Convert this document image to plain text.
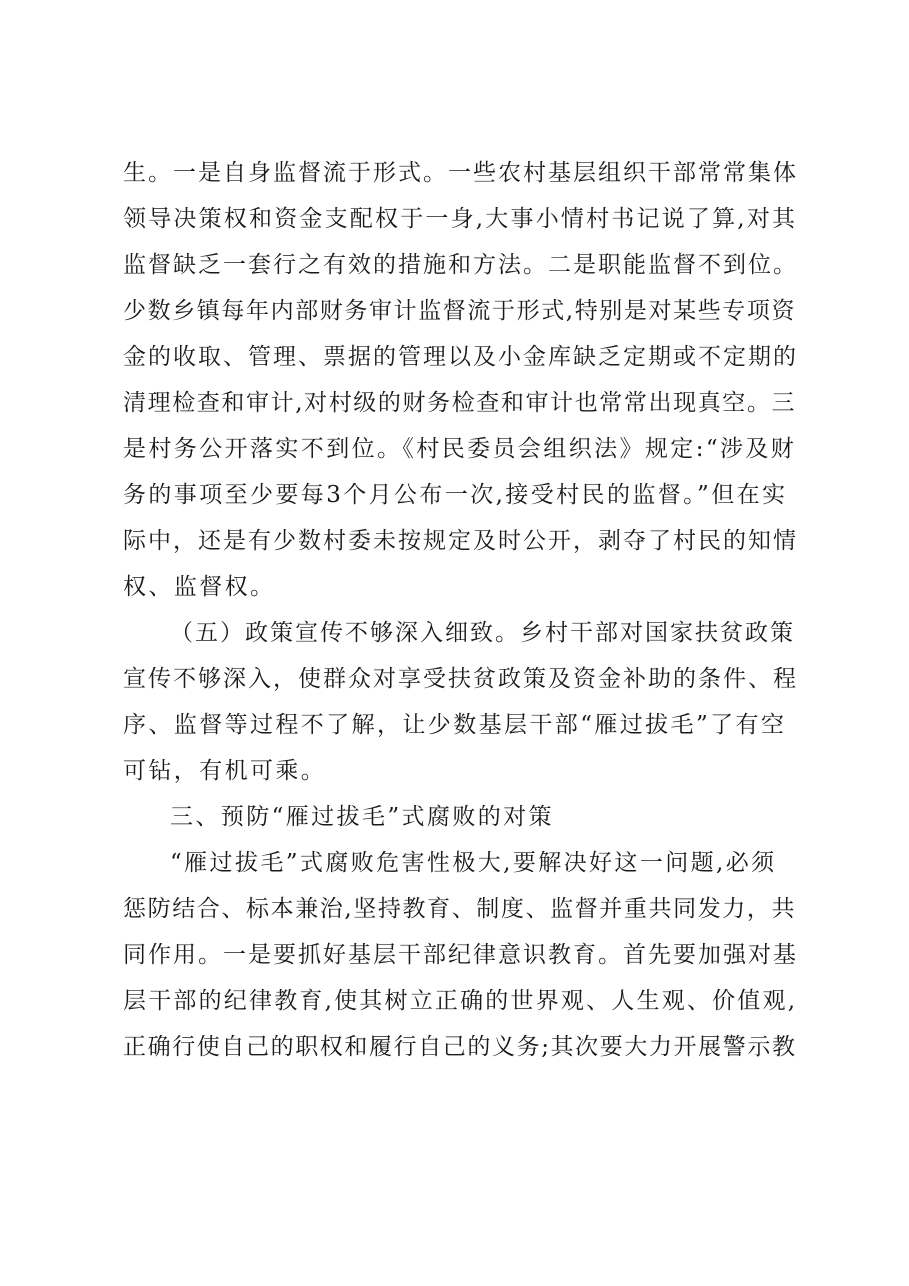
生。一是自身监督流于形式。一些农村基层组织干部常常集体
领导决策权和资金支配权于一身,大事小情村书记说了算,对其
监督缺乏一套行之有效的措施和方法。二是职能监督不到位。
少数乡镇每年内部财务审计监督流于形式,特别是对某些专项资
金的收取、管理、票据的管理以及小金库缺乏定期或不定期的
清理检查和审计,对村级的财务检查和审计也常常出现真空。三
是村务公开落实不到位。《村民委员会组织法》规定:“涉及财
务的事项至少要每3个月公布一次,接受村民的监督。”但在实
际中，还是有少数村委未按规定及时公开，剥夺了村民的知情
权、监督权。
（五）政策宣传不够深入细致。乡村干部对国家扶贫政策
宣传不够深入，使群众对享受扶贫政策及资金补助的条件、程
序、监督等过程不了解，让少数基层干部“雁过拔毛”了有空
可钻，有机可乘。
三、预防“雁过拔毛”式腐败的对策
“雁过拔毛”式腐败危害性极大,要解决好这一问题,必须
惩防结合、标本兼治,坚持教育、制度、监督并重共同发力，共
同作用。一是要抓好基层干部纪律意识教育。首先要加强对基
层干部的纪律教育,使其树立正确的世界观、人生观、价值观,
正确行使自己的职权和履行自己的义务;其次要大力开展警示教
